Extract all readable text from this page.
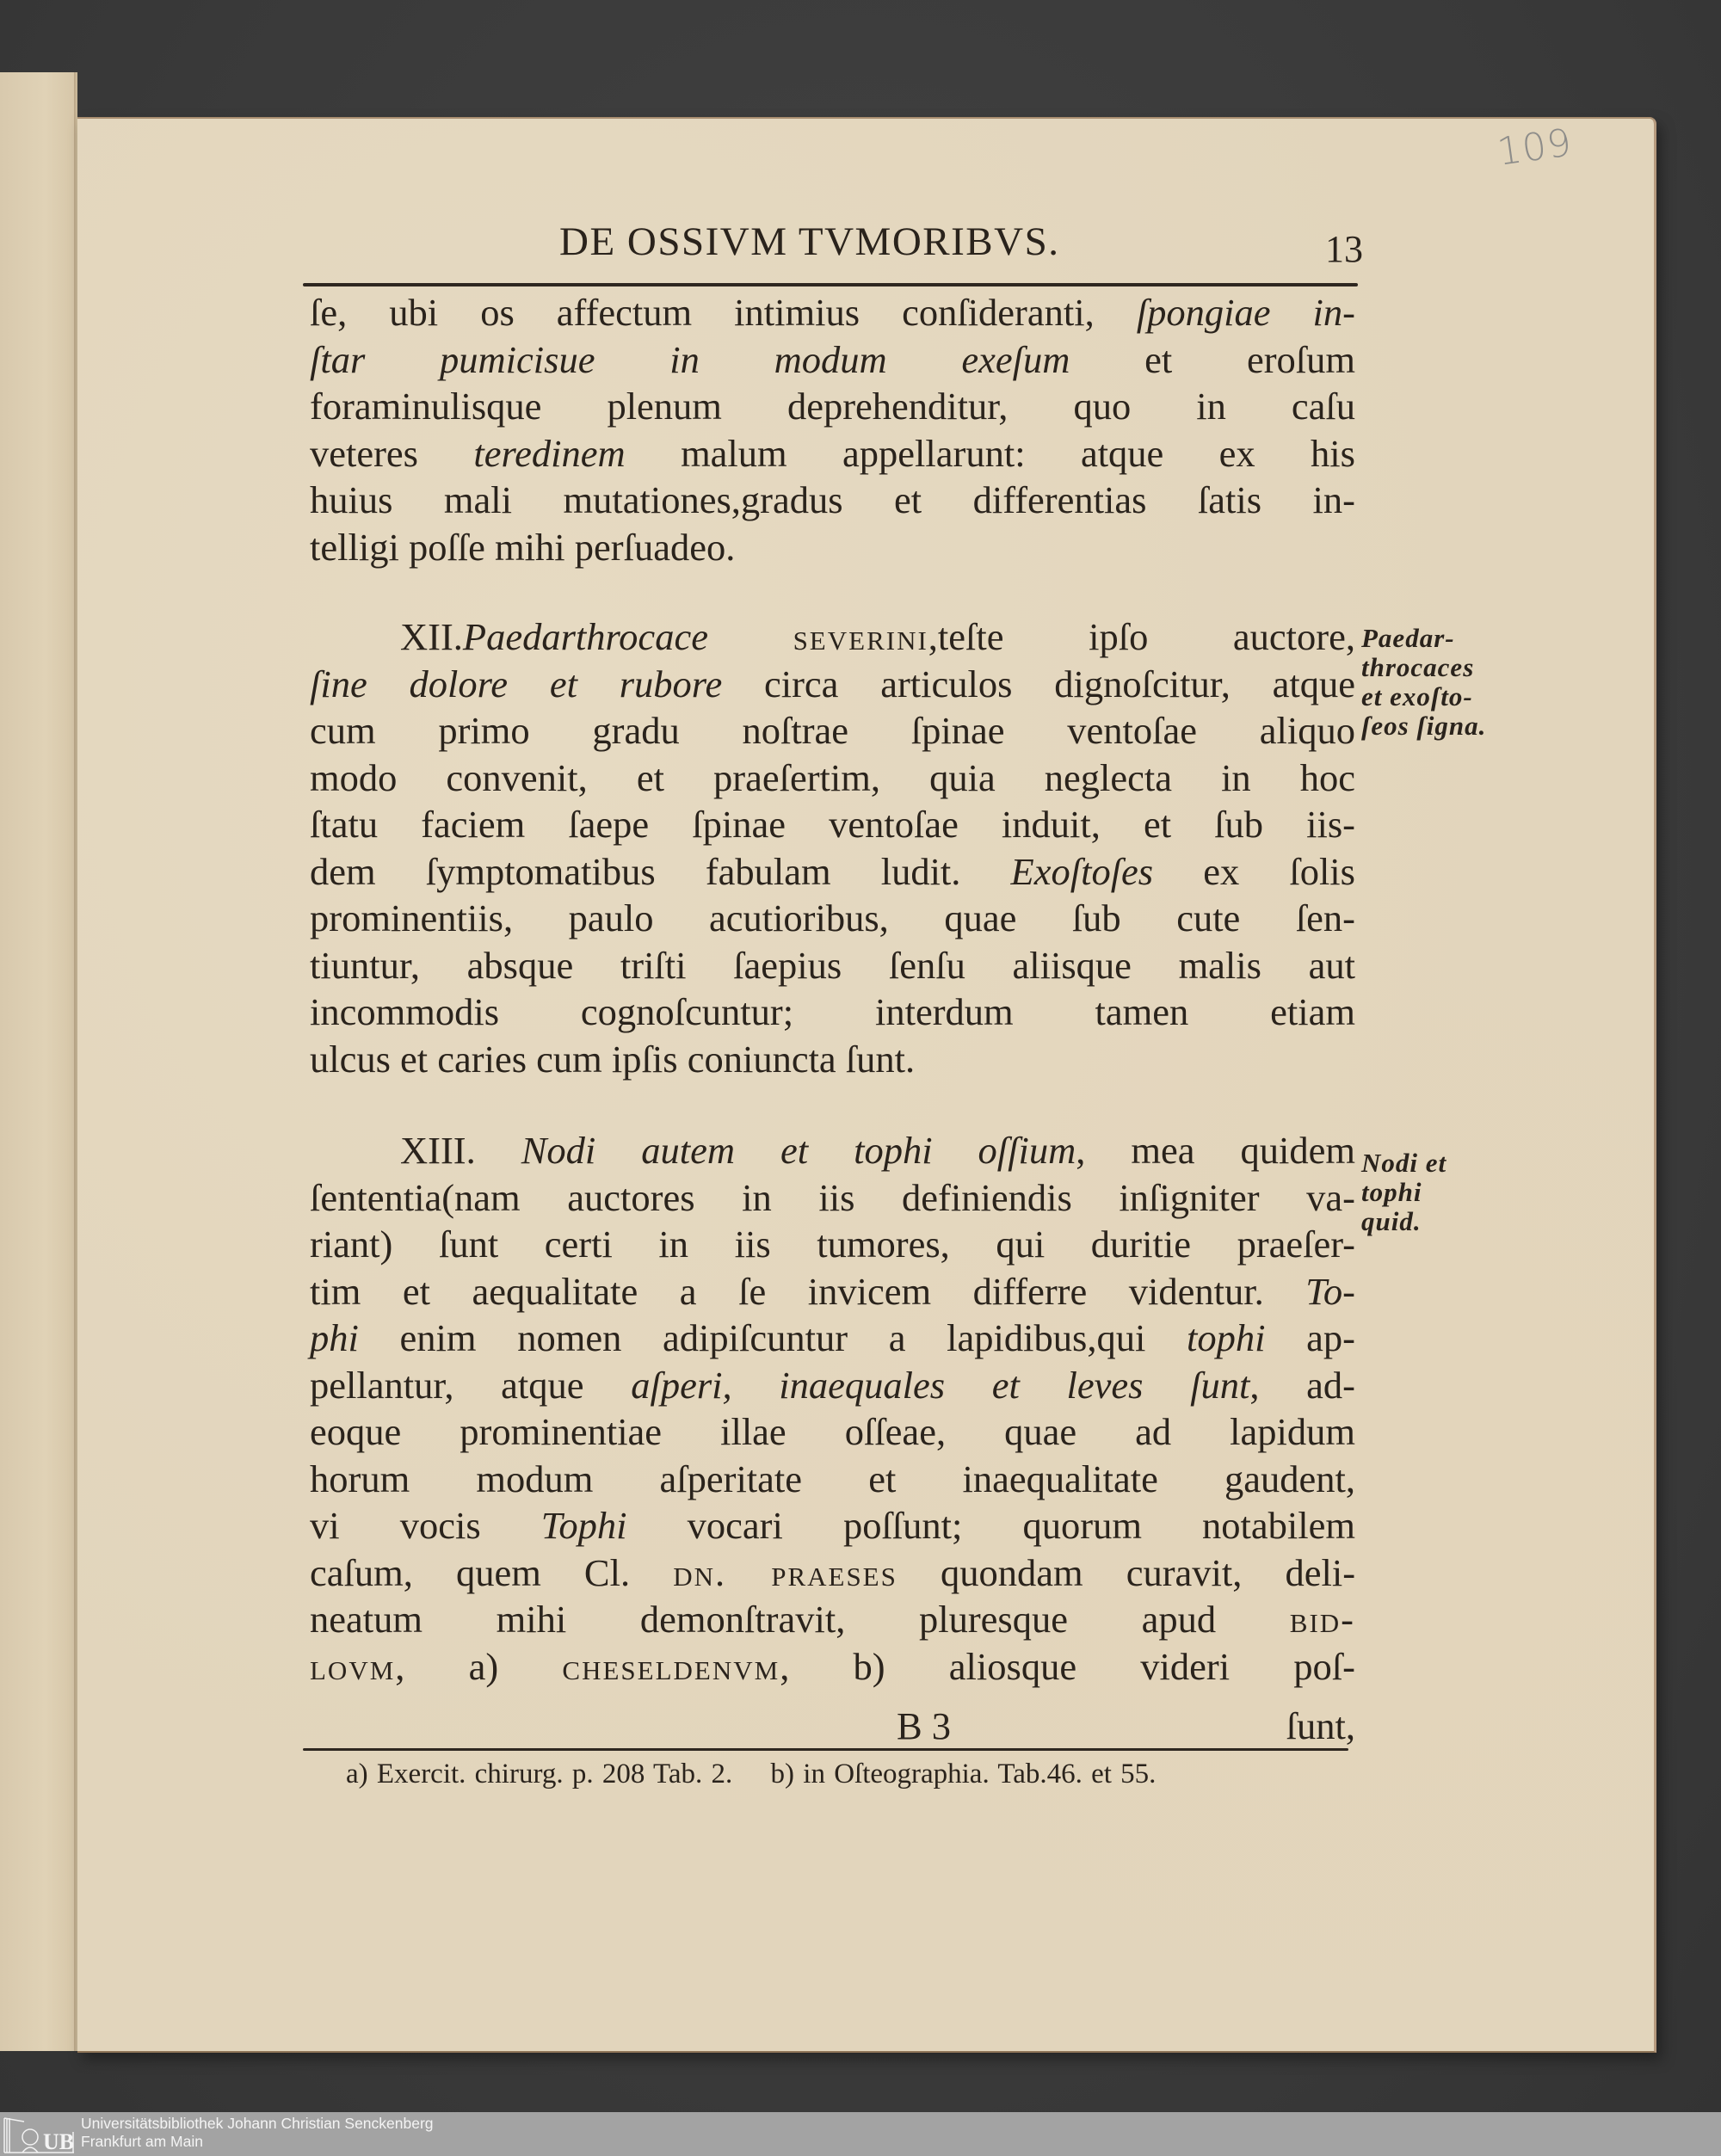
109
DE OSSIVM TVMORIBVS.	13
ſe, ubi os affectum intimius conſideranti, ſpongiae in-
ſtar pumicisue in modum exeſum et eroſum
foraminulisque plenum deprehenditur, quo in caſu
veteres teredinem malum appellarunt: atque ex his
huius mali mutationes,gradus et differentias ſatis in-
telligi poſſe mihi perſuadeo.
XII.Paedarthrocace severini,teſte ipſo auctore,
ſine dolore et rubore circa articulos dignoſcitur, atque
cum primo gradu noſtrae ſpinae ventoſae aliquo
modo convenit, et praeſertim, quia neglecta in hoc
ſtatu faciem ſaepe ſpinae ventoſae induit, et ſub iis-
dem ſymptomatibus fabulam ludit. Exoſtoſes ex ſolis
prominentiis, paulo acutioribus, quae ſub cute ſen-
tiuntur, absque triſti ſaepius ſenſu aliisque malis aut
incommodis cognoſcuntur; interdum tamen etiam
ulcus et caries cum ipſis coniuncta ſunt.
XIII. Nodi autem et tophi oſſium, mea quidem
ſententia(nam auctores in iis definiendis inſigniter va-
riant) ſunt certi in iis tumores, qui duritie praeſer-
tim et aequalitate a ſe invicem differre videntur. To-
phi enim nomen adipiſcuntur a lapidibus,qui tophi ap-
pellantur, atque aſperi, inaequales et leves ſunt, ad-
eoque prominentiae illae oſſeae, quae ad lapidum
horum modum aſperitate et inaequalitate gaudent,
vi vocis Tophi vocari poſſunt; quorum notabilem
caſum, quem Cl. dn. praeses quondam curavit, deli-
neatum mihi demonſtravit, pluresque apud bid-
lovm, a) cheseldenvm, b) aliosque videri poſ-
Paedar-
throcaces
et exoſto-
ſeos ſigna.
Nodi et
tophi
quid.
B 3	ſunt,
a) Exercit. chirurg. p. 208 Tab. 2. b) in Oſteographia. Tab.46. et 55.
UB
Universitätsbibliothek Johann Christian Senckenberg
Frankfurt am Main
